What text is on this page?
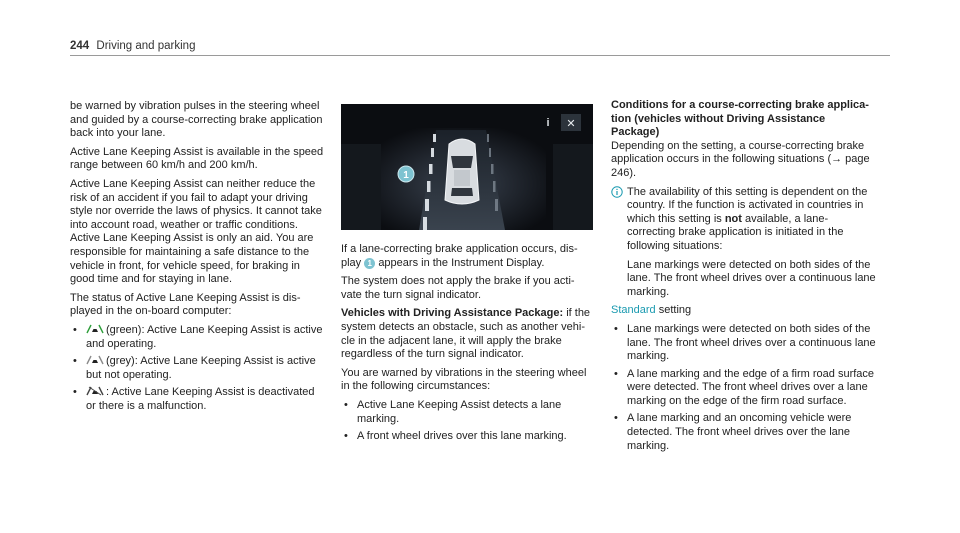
244 Driving and parking

be warned by vibration pulses in the steering wheel and guided by a course-correcting brake application back into your lane.

Active Lane Keeping Assist is available in the speed range between 60 km/h and 200 km/h.

Active Lane Keeping Assist can neither reduce the risk of an accident if you fail to adapt your driving style nor override the laws of physics. It cannot take into account road, weather or traffic conditions. Active Lane Keeping Assist is only an aid. You are responsible for maintaining a safe distance to the vehicle in front, for vehicle speed, for braking in good time and for staying in lane.

The status of Active Lane Keeping Assist is displayed in the on-board computer:

•	(green): Active Lane Keeping Assist is active and operating.
•	(grey): Active Lane Keeping Assist is active but not operating.
•	: Active Lane Keeping Assist is deactivated or there is a malfunction.
1
i ✕

If a lane-correcting brake application occurs, display 1 appears in the Instrument Display.

The system does not apply the brake if you activate the turn signal indicator.

Vehicles with Driving Assistance Package: if the system detects an obstacle, such as another vehicle in the adjacent lane, it will apply the brake regardless of the turn signal indicator.

You are warned by vibrations in the steering wheel in the following circumstances:

• Active Lane Keeping Assist detects a lane marking.
• A front wheel drives over this lane marking.
Conditions for a course-correcting brake application (vehicles without Driving Assistance Package)

Depending on the setting, a course-correcting brake application occurs in the following situations (→ page 246).

The availability of this setting is dependent on the country. If the function is activated in countries in which this setting is not available, a lane-correcting brake application is initiated in the following situations:
Lane markings were detected on both sides of the lane. The front wheel drives over a continuous lane marking.

Standard setting

• Lane markings were detected on both sides of the lane. The front wheel drives over a continuous lane marking.
• A lane marking and the edge of a firm road surface were detected. The front wheel drives over a lane marking on the edge of the firm road surface.
• A lane marking and an oncoming vehicle were detected. The front wheel drives over the lane marking.
